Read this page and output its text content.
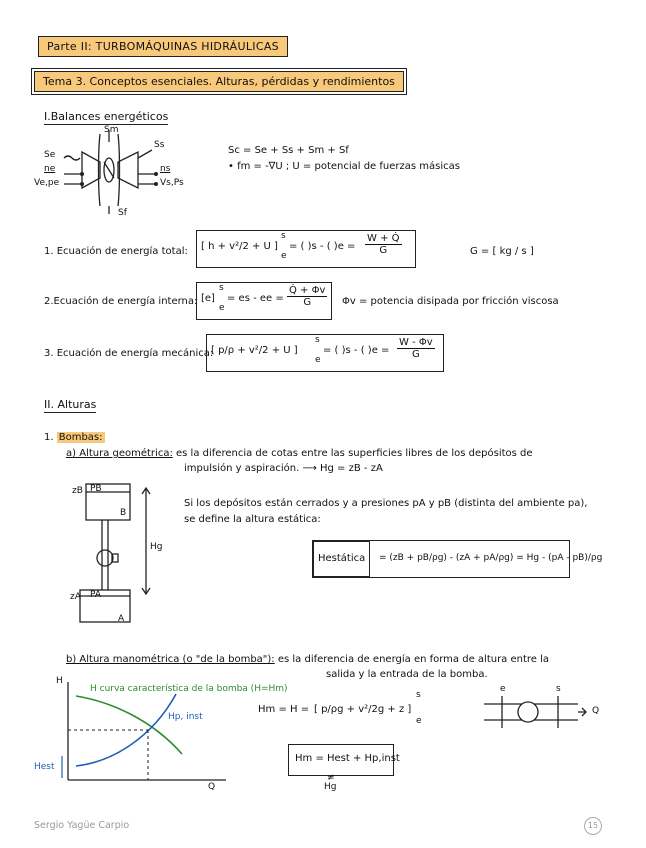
Parte II: TURBOMÁQUINAS HIDRÁULICAS
Tema 3. Conceptos esenciales. Alturas, pérdidas y rendimientos
I.Balances energéticos
Sm
Ss
Se
ne	ns
Ve,pe	Vs,Ps
Sf
Sc = Se + Ss + Sm + Sf
• fm = -∇U ; U = potencial de fuerzas másicas
1. Ecuación de energía total: [ h + v²/2 + U ]
s
e
= ( )s - ( )$e = \frac{W + Q̇}{G}$	G = [ kg / s ]
2.Ecuación de energía interna: [e]
s
e
= es - ee = $\frac{Q̇ + \Phi v}{G}$ Φv = potencia disipada por fricción viscosa
3. Ecuación de energía mecánica:
[ p/ρ + v²/2 + U ]
s
e
= ( )s - ( )$e = \frac{W - \Phi v}{G}$
II. Alturas
1. Bombas:
a) Altura geométrica: es la diferencia de cotas entre las superficies libres de los depósitos de
impulsión y aspiración. ⟶ Hg = zB - zA
zB PB
B
zA PA
A
Hg
Si los depósitos están cerrados y a presiones pA y pB (distinta del ambiente pa),
se define la altura estática:
Hestática	= (zB + pB/ρg) - (zA + pA/ρg) = Hg - (pA - pB)/ρg
b) Altura manométrica (o "de la bomba"): es la diferencia de energía en forma de altura entre la
salida y la entrada de la bomba.
H
Q
H curva característica de la bomba (H=Hm)
Hp, inst
Hest
Hm = H = [ p/ρg + v²/2g + z ]
s
e
Hm = Hest + Hp,inst
≠
Hg
e	s
Q
Sergio Yagüe Carpio	15
